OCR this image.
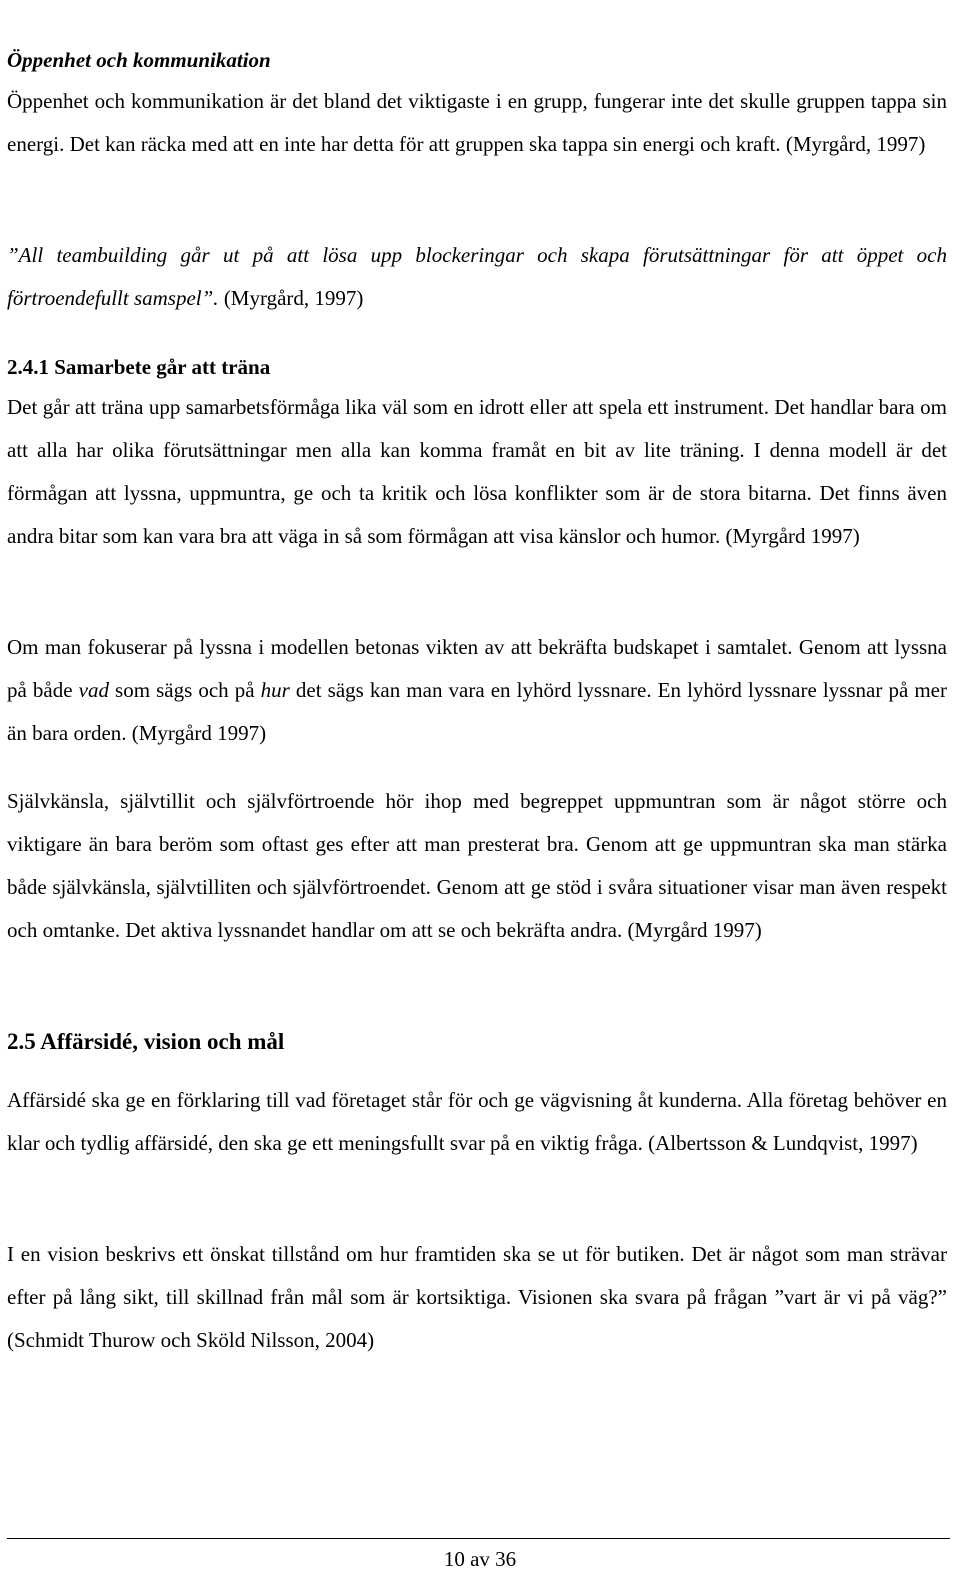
Öppenhet och kommunikation
Öppenhet och kommunikation är det bland det viktigaste i en grupp, fungerar inte det skulle gruppen tappa sin energi. Det kan räcka med att en inte har detta för att gruppen ska tappa sin energi och kraft. (Myrgård, 1997)
”All teambuilding går ut på att lösa upp blockeringar och skapa förutsättningar för att öppet och förtroendefullt samspel”. (Myrgård, 1997)
2.4.1 Samarbete går att träna
Det går att träna upp samarbetsförmåga lika väl som en idrott eller att spela ett instrument. Det handlar bara om att alla har olika förutsättningar men alla kan komma framåt en bit av lite träning. I denna modell är det förmågan att lyssna, uppmuntra, ge och ta kritik och lösa konflikter som är de stora bitarna. Det finns även andra bitar som kan vara bra att väga in så som förmågan att visa känslor och humor. (Myrgård 1997)
Om man fokuserar på lyssna i modellen betonas vikten av att bekräfta budskapet i samtalet. Genom att lyssna på både vad som sägs och på hur det sägs kan man vara en lyhörd lyssnare. En lyhörd lyssnare lyssnar på mer än bara orden. (Myrgård 1997)
Självkänsla, självtillit och självförtroende hör ihop med begreppet uppmuntran som är något större och viktigare än bara beröm som oftast ges efter att man presterat bra. Genom att ge uppmuntran ska man stärka både självkänsla, självtilliten och självförtroendet. Genom att ge stöd i svåra situationer visar man även respekt och omtanke. Det aktiva lyssnandet handlar om att se och bekräfta andra. (Myrgård 1997)
2.5 Affärsidé, vision och mål
Affärsidé ska ge en förklaring till vad företaget står för och ge vägvisning åt kunderna. Alla företag behöver en klar och tydlig affärsidé, den ska ge ett meningsfullt svar på en viktig fråga. (Albertsson & Lundqvist, 1997)
I en vision beskrivs ett önskat tillstånd om hur framtiden ska se ut för butiken. Det är något som man strävar efter på lång sikt, till skillnad från mål som är kortsiktiga. Visionen ska svara på frågan ”vart är vi på väg?” (Schmidt Thurow och Sköld Nilsson, 2004)
10 av 36
